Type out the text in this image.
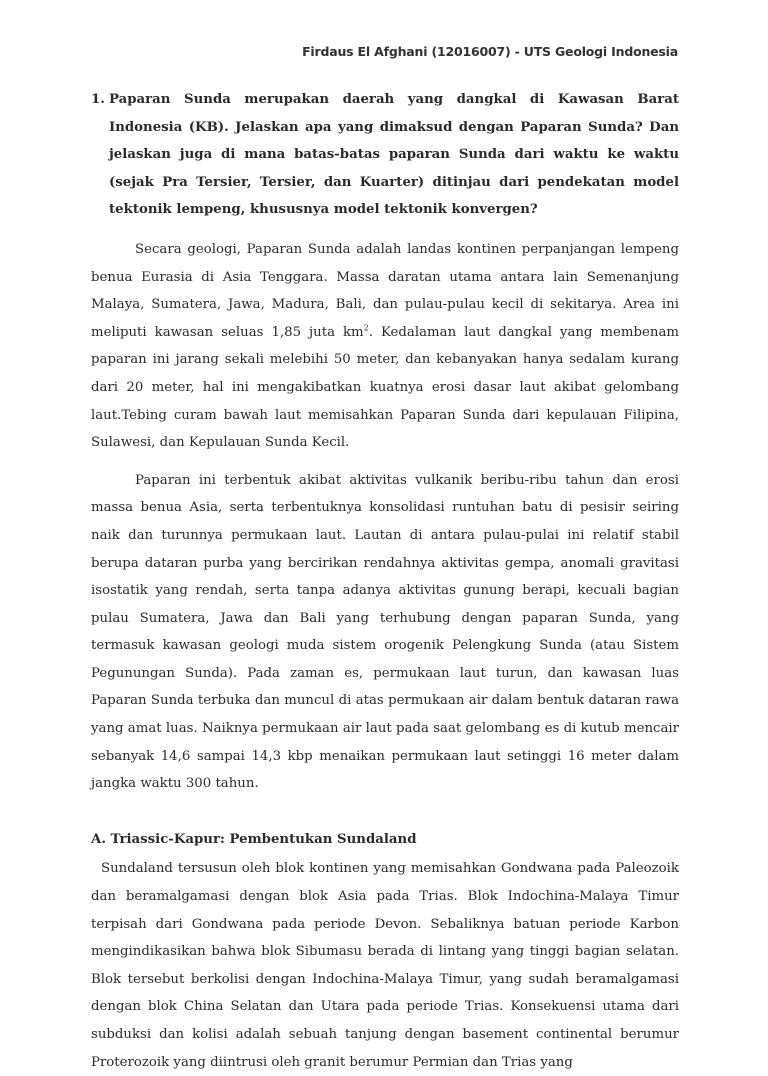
Firdaus El Afghani (12016007) - UTS Geologi Indonesia
1. Paparan Sunda merupakan daerah yang dangkal di Kawasan Barat Indonesia (KB). Jelaskan apa yang dimaksud dengan Paparan Sunda? Dan jelaskan juga di mana batas-batas paparan Sunda dari waktu ke waktu (sejak Pra Tersier, Tersier, dan Kuarter) ditinjau dari pendekatan model tektonik lempeng, khususnya model tektonik konvergen?

Secara geologi, Paparan Sunda adalah landas kontinen perpanjangan lempeng benua Eurasia di Asia Tenggara. Massa daratan utama antara lain Semenanjung Malaya, Sumatera, Jawa, Madura, Bali, dan pulau-pulau kecil di sekitarya. Area ini meliputi kawasan seluas 1,85 juta $km^2$. Kedalaman laut dangkal yang membenam paparan ini jarang sekali melebihi 50 meter, dan kebanyakan hanya sedalam kurang dari 20 meter, hal ini mengakibatkan kuatnya erosi dasar laut akibat gelombang laut.Tebing curam bawah laut memisahkan Paparan Sunda dari kepulauan Filipina, Sulawesi, dan Kepulauan Sunda Kecil.

Paparan ini terbentuk akibat aktivitas vulkanik beribu-ribu tahun dan erosi massa benua Asia, serta terbentuknya konsolidasi runtuhan batu di pesisir seiring naik dan turunnya permukaan laut. Lautan di antara pulau-pulai ini relatif stabil berupa dataran purba yang bercirikan rendahnya aktivitas gempa, anomali gravitasi isostatik yang rendah, serta tanpa adanya aktivitas gunung berapi, kecuali bagian pulau Sumatera, Jawa dan Bali yang terhubung dengan paparan Sunda, yang termasuk kawasan geologi muda sistem orogenik Pelengkung Sunda (atau Sistem Pegunungan Sunda). Pada zaman es, permukaan laut turun, dan kawasan luas Paparan Sunda terbuka dan muncul di atas permukaan air dalam bentuk dataran rawa yang amat luas. Naiknya permukaan air laut pada saat gelombang es di kutub mencair sebanyak 14,6 sampai 14,3 kbp menaikan permukaan laut setinggi 16 meter dalam jangka waktu 300 tahun.

A. Triassic-Kapur: Pembentukan Sundaland

Sundaland tersusun oleh blok kontinen yang memisahkan Gondwana pada Paleozoik dan beramalgamasi dengan blok Asia pada Trias. Blok Indochina-Malaya Timur terpisah dari Gondwana pada periode Devon. Sebaliknya batuan periode Karbon mengindikasikan bahwa blok Sibumasu berada di lintang yang tinggi bagian selatan. Blok tersebut berkolisi dengan Indochina-Malaya Timur, yang sudah beramalgamasi dengan blok China Selatan dan Utara pada periode Trias. Konsekuensi utama dari subduksi dan kolisi adalah sebuah tanjung dengan basement continental berumur Proterozoik yang diintrusi oleh granit berumur Permian dan Trias yang
